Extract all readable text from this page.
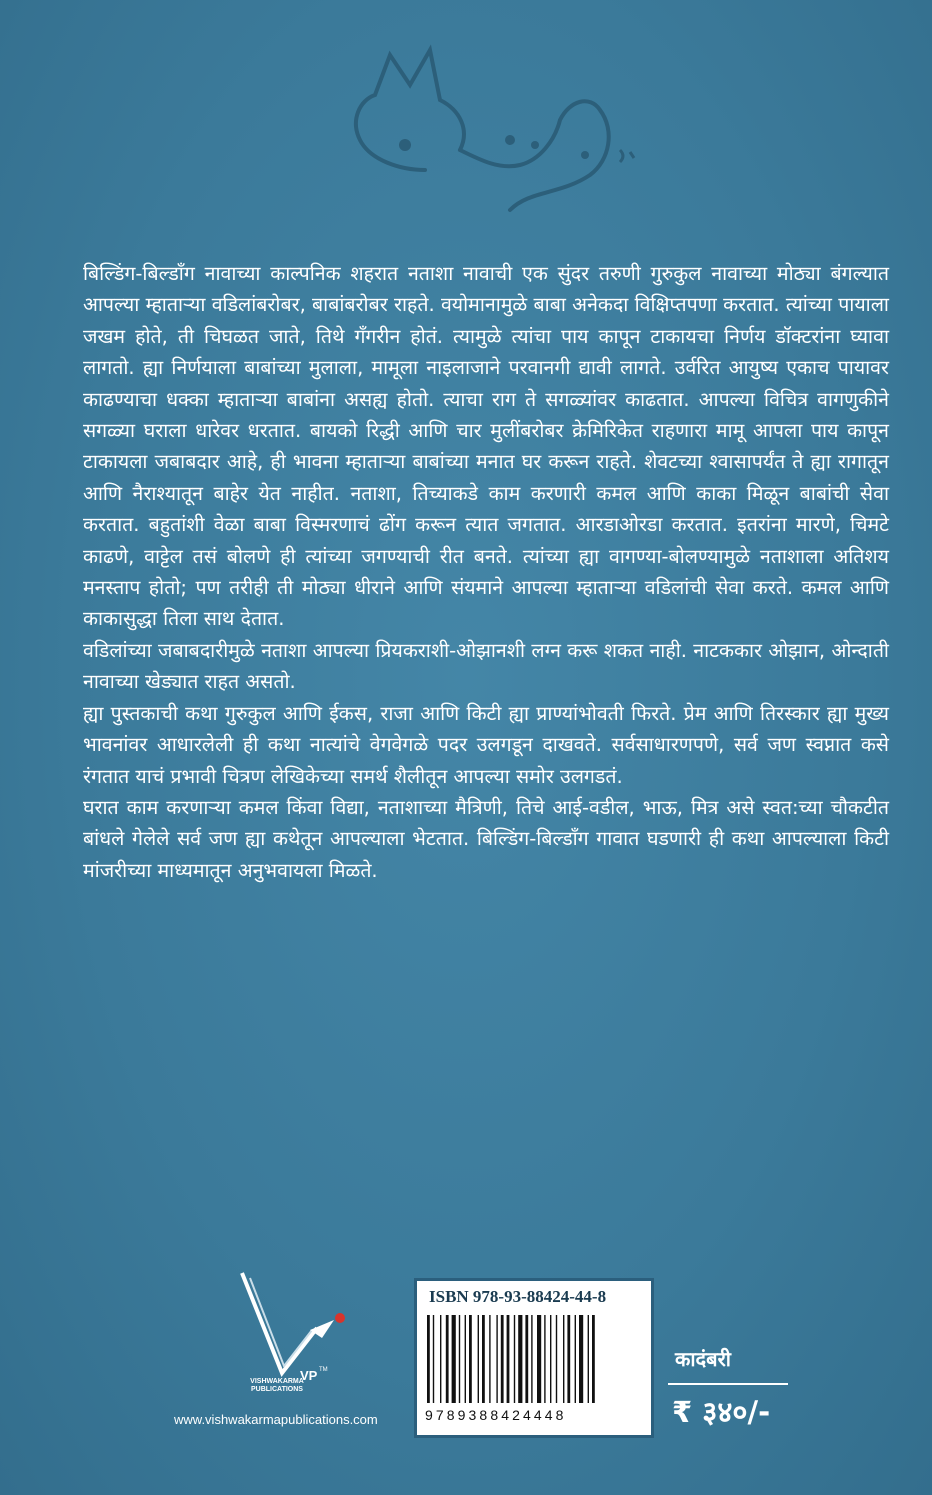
बिल्डिंग-बिल्डाँग नावाच्या काल्पनिक शहरात नताशा नावाची एक सुंदर तरुणी गुरुकुल नावाच्या मोठ्या बंगल्यात आपल्या म्हाताऱ्या वडिलांबरोबर, बाबांबरोबर राहते. वयोमानामुळे बाबा अनेकदा विक्षिप्तपणा करतात. त्यांच्या पायाला जखम होते, ती चिघळत जाते, तिथे गँगरीन होतं. त्यामुळे त्यांचा पाय कापून टाकायचा निर्णय डॉक्टरांना घ्यावा लागतो. ह्या निर्णयाला बाबांच्या मुलाला, मामूला नाइलाजाने परवानगी द्यावी लागते. उर्वरित आयुष्य एकाच पायावर काढण्याचा धक्का म्हाताऱ्या बाबांना असह्य होतो. त्याचा राग ते सगळ्यांवर काढतात. आपल्या विचित्र वागणुकीने सगळ्या घराला धारेवर धरतात. बायको रिद्धी आणि चार मुलींबरोबर क्रेमिरिकेत राहणारा मामू आपला पाय कापून टाकायला जबाबदार आहे, ही भावना म्हाताऱ्या बाबांच्या मनात घर करून राहते. शेवटच्या श्वासापर्यंत ते ह्या रागातून आणि नैराश्यातून बाहेर येत नाहीत. नताशा, तिच्याकडे काम करणारी कमल आणि काका मिळून बाबांची सेवा करतात. बहुतांशी वेळा बाबा विस्मरणाचं ढोंग करून त्यात जगतात. आरडाओरडा करतात. इतरांना मारणे, चिमटे काढणे, वाट्टेल तसं बोलणे ही त्यांच्या जगण्याची रीत बनते. त्यांच्या ह्या वागण्या-बोलण्यामुळे नताशाला अतिशय मनस्ताप होतो; पण तरीही ती मोठ्या धीराने आणि संयमाने आपल्या म्हाताऱ्या वडिलांची सेवा करते. कमल आणि काकासुद्धा तिला साथ देतात.

वडिलांच्या जबाबदारीमुळे नताशा आपल्या प्रियकराशी-ओझानशी लग्न करू शकत नाही. नाटककार ओझान, ओन्दाती नावाच्या खेड्यात राहत असतो.

ह्या पुस्तकाची कथा गुरुकुल आणि ईकस, राजा आणि किटी ह्या प्राण्यांभोवती फिरते. प्रेम आणि तिरस्कार ह्या मुख्य भावनांवर आधारलेली ही कथा नात्यांचे वेगवेगळे पदर उलगडून दाखवते. सर्वसाधारणपणे, सर्व जण स्वप्नात कसे रंगतात याचं प्रभावी चित्रण लेखिकेच्या समर्थ शैलीतून आपल्या समोर उलगडतं.

घरात काम करणाऱ्या कमल किंवा विद्या, नताशाच्या मैत्रिणी, तिचे आई-वडील, भाऊ, मित्र असे स्वत:च्या चौकटीत बांधले गेलेले सर्व जण ह्या कथेतून आपल्याला भेटतात. बिल्डिंग-बिल्डाँग गावात घडणारी ही कथा आपल्याला किटी मांजरीच्या माध्यमातून अनुभवायला मिळते.

VP TM
VISHWAKARMA
PUBLICATIONS
www.vishwakarmapublications.com
ISBN 978-93-88424-44-8
9789388424448
कादंबरी
₹ ३४०/-
